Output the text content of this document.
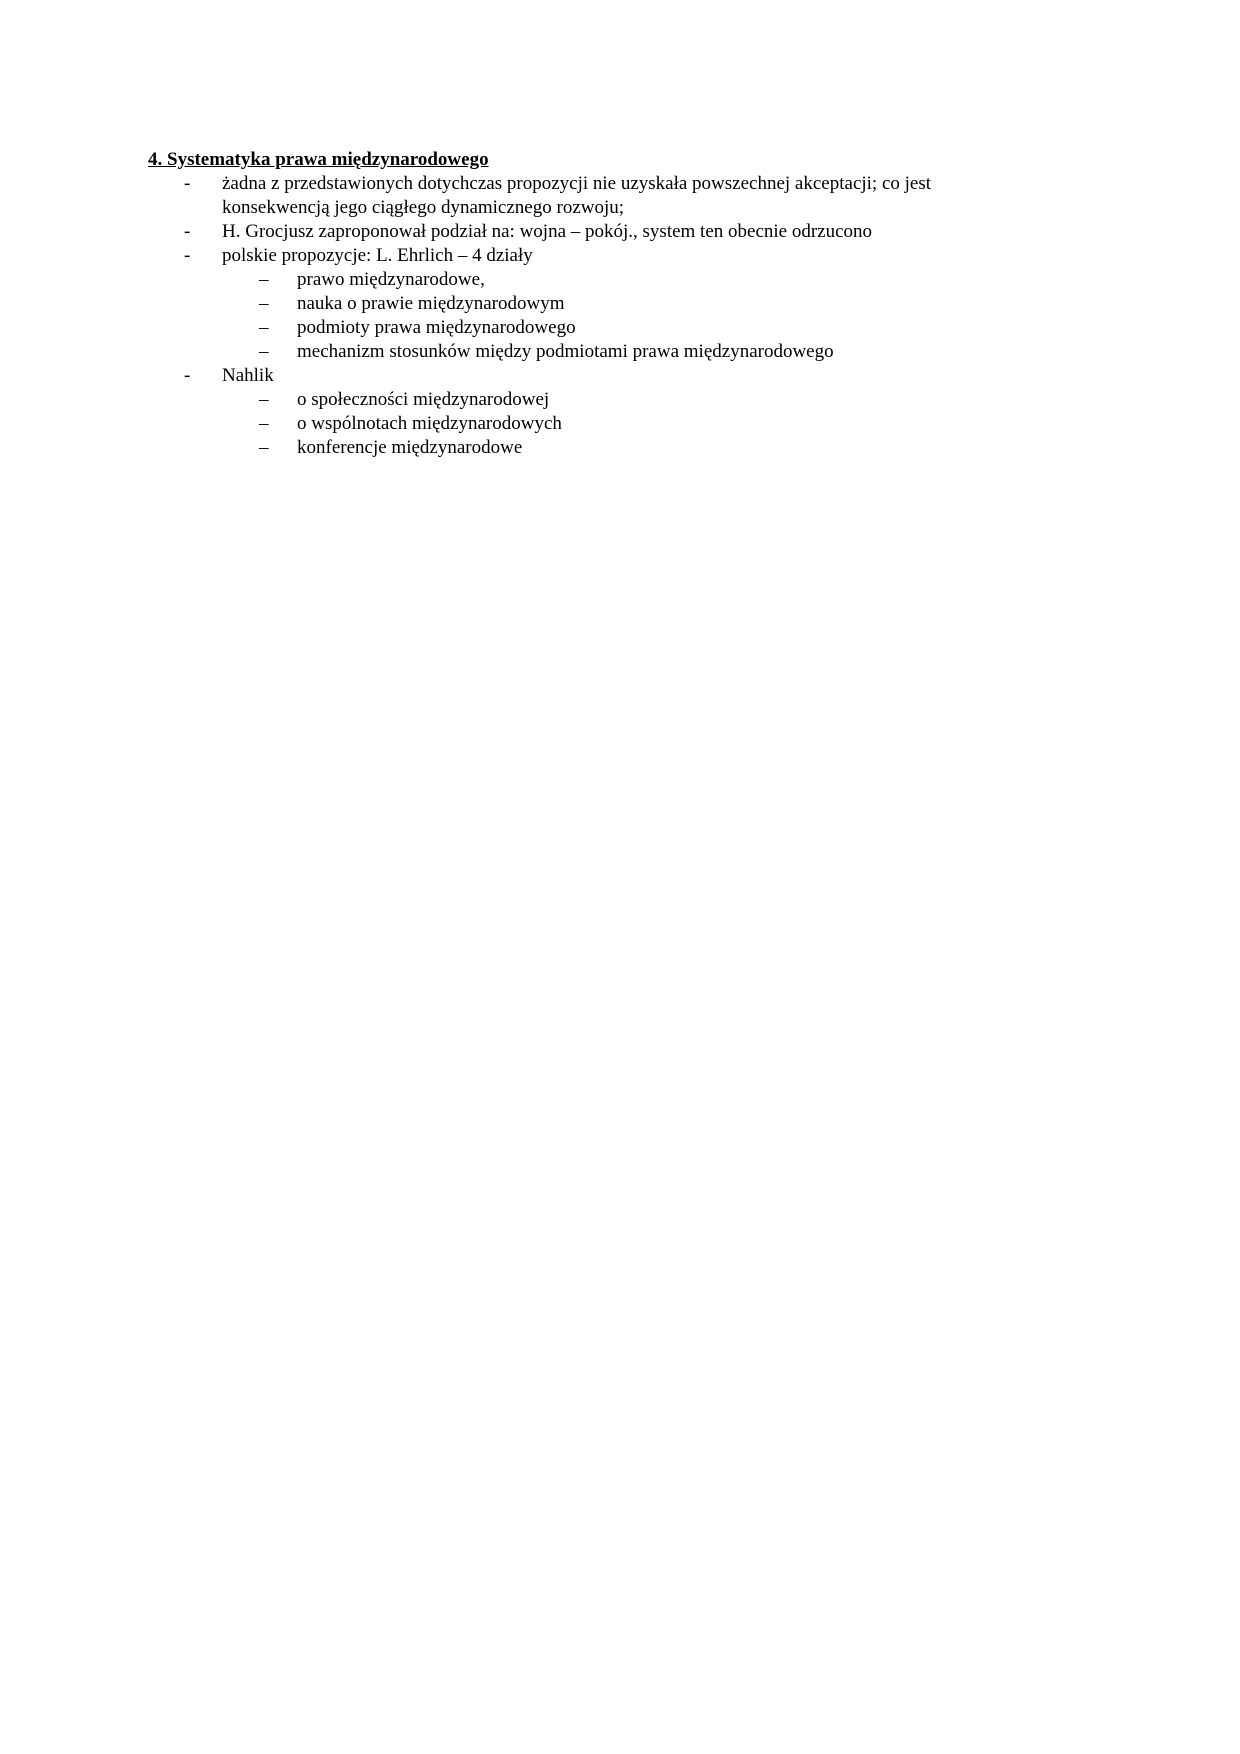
4. Systematyka prawa międzynarodowego
- żadna z przedstawionych dotychczas propozycji nie uzyskała powszechnej akceptacji; co jest
konsekwencją jego ciągłego dynamicznego rozwoju;
- H. Grocjusz zaproponował podział na: wojna – pokój., system ten obecnie odrzucono
- polskie propozycje: L. Ehrlich – 4 działy
– prawo międzynarodowe,
– nauka o prawie międzynarodowym
– podmioty prawa międzynarodowego
– mechanizm stosunków między podmiotami prawa międzynarodowego
- Nahlik
– o społeczności międzynarodowej
– o wspólnotach międzynarodowych
– konferencje międzynarodowe
